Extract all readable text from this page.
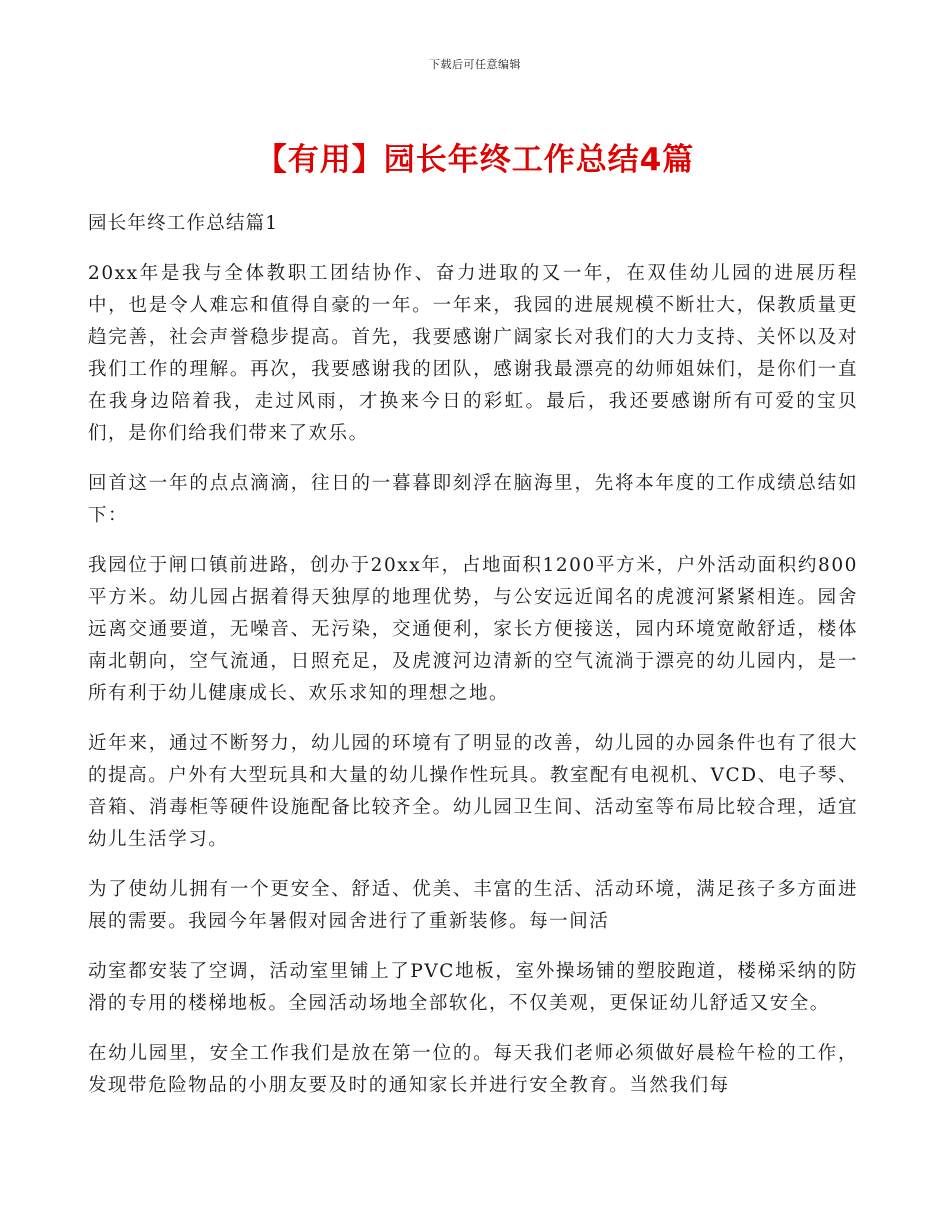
下载后可任意编辑
【有用】园长年终工作总结4篇

园长年终工作总结篇1

20xx年是我与全体教职工团结协作、奋力进取的又一年，在双佳幼儿园的进展历程中，也是令人难忘和值得自豪的一年。一年来，我园的进展规模不断壮大，保教质量更趋完善，社会声誉稳步提高。首先，我要感谢广阔家长对我们的大力支持、关怀以及对我们工作的理解。再次，我要感谢我的团队，感谢我最漂亮的幼师姐妹们，是你们一直在我身边陪着我，走过风雨，才换来今日的彩虹。最后，我还要感谢所有可爱的宝贝们，是你们给我们带来了欢乐。

回首这一年的点点滴滴，往日的一暮暮即刻浮在脑海里，先将本年度的工作成绩总结如下：

我园位于闸口镇前进路，创办于20xx年，占地面积1200平方米，户外活动面积约800平方米。幼儿园占据着得天独厚的地理优势，与公安远近闻名的虎渡河紧紧相连。园舍远离交通要道，无噪音、无污染，交通便利，家长方便接送，园内环境宽敞舒适，楼体南北朝向，空气流通，日照充足，及虎渡河边清新的空气流淌于漂亮的幼儿园内，是一所有利于幼儿健康成长、欢乐求知的理想之地。

近年来，通过不断努力，幼儿园的环境有了明显的改善，幼儿园的办园条件也有了很大的提高。户外有大型玩具和大量的幼儿操作性玩具。教室配有电视机、VCD、电子琴、音箱、消毒柜等硬件设施配备比较齐全。幼儿园卫生间、活动室等布局比较合理，适宜幼儿生活学习。

为了使幼儿拥有一个更安全、舒适、优美、丰富的生活、活动环境，满足孩子多方面进展的需要。我园今年暑假对园舍进行了重新装修。每一间活

动室都安装了空调，活动室里铺上了PVC地板，室外操场铺的塑胶跑道，楼梯采纳的防滑的专用的楼梯地板。全园活动场地全部软化，不仅美观，更保证幼儿舒适又安全。

在幼儿园里，安全工作我们是放在第一位的。每天我们老师必须做好晨检午检的工作，发现带危险物品的小朋友要及时的通知家长并进行安全教育。当然我们每
